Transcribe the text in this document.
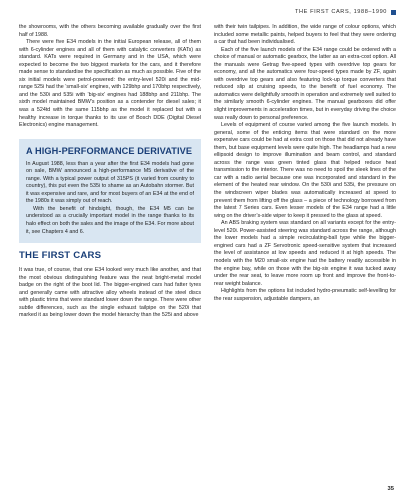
THE FIRST CARS, 1988–1990

the showrooms, with the others becoming available gradually over the first half of 1988.

There were five E34 models in the initial European release, all of them with 6-cylinder engines and all of them with catalytic converters (KATs) as standard. KATs were required in Germany and in the USA, which were expected to become the two biggest markets for the cars, and it therefore made sense to standardise the specification as much as possible. Five of the six initial models were petrol-powered: the entry-level 520i and the mid-range 525i had the ‘small-six’ engines, with 129bhp and 170bhp respectively, and the 530i and 535i with ‘big-six’ engines had 188bhp and 211bhp. The sixth model maintained BMW’s position as a contender for diesel sales; it was a 524td with the same 115bhp as the model it replaced but with a healthy increase in torque thanks to its use of Bosch DDE (Digital Diesel Electronics) engine management.

A HIGH-PERFORMANCE DERIVATIVE

In August 1988, less than a year after the first E34 models had gone on sale, BMW announced a high-performance M5 derivative of the range. With a typical power output of 315PS (it varied from country to country), this put even the 535i to shame as an Autobahn stormer. But it was expensive and rare, and for most buyers of an E34 at the end of the 1980s it was simply out of reach.

With the benefit of hindsight, though, the E34 M5 can be understood as a crucially important model in the range thanks to its halo effect on both the sales and the image of the E34. For more about it, see Chapters 4 and 6.

THE FIRST CARS

It was true, of course, that one E34 looked very much like another, and that the most obvious distinguishing feature was the neat bright-metal model badge on the right of the boot lid. The bigger-engined cars had fatter tyres and generally came with attractive alloy wheels instead of the steel discs with plastic trims that were standard lower down the range. There were other subtle differences, such as the single exhaust tailpipe on the 520i that marked it as being lower down the model hierarchy than the 525i and above

with their twin tailpipes. In addition, the wide range of colour options, which included some metallic paints, helped buyers to feel that they were ordering a car that had been individualised.

Each of the five launch models of the E34 range could be ordered with a choice of manual or automatic gearbox, the latter as an extra-cost option. All the manuals were Getrag five-speed types with overdrive top gears for economy, and all the automatics were four-speed types made by ZF, again with overdrive top gears and also featuring lock-up torque converters that reduced slip at cruising speeds, to the benefit of fuel economy. The automatics were delightfully smooth in operation and extremely well suited to the similarly smooth 6-cylinder engines. The manual gearboxes did offer slight improvements in acceleration times, but in everyday driving the choice was really down to personal preference.

Levels of equipment of course varied among the five launch models. In general, some of the enticing items that were standard on the more expensive cars could be had at extra cost on those that did not already have them, but base equipment levels were quite high. The headlamps had a new ellipsoid design to improve illumination and beam control, and standard across the range was green tinted glass that helped reduce heat transmission to the interior. There was no need to spoil the sleek lines of the car with a radio aerial because one was incorporated and standard in the element of the heated rear window. On the 530i and 535i, the pressure on the windscreen wiper blades was automatically increased at speed to prevent them from lifting off the glass – a piece of technology borrowed from the latest 7 Series cars. Even lesser models of the E34 range had a little wing on the driver’s-side wiper to keep it pressed to the glass at speed.

An ABS braking system was standard on all variants except for the entry-level 520i. Power-assisted steering was standard across the range, although the lower models had a simple recirculating-ball type while the bigger-engined cars had a ZF Servotronic speed-sensitive system that increased the level of assistance at low speeds and reduced it at high speeds. The models with the M20 small-six engine had the battery readily accessible in the engine bay, while on those with the big-six engine it was tucked away under the rear seat, to leave more room up front and improve the front-to-rear weight balance.

Highlights from the options list included hydro-pneumatic self-levelling for the rear suspension, adjustable dampers, an

35
